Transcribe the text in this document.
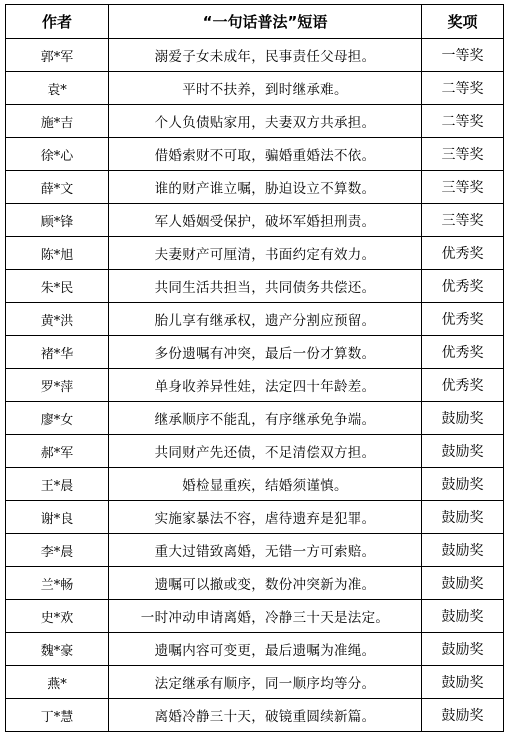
作者	“一句话普法”短语	奖项
郭*军	溺爱子女未成年，民事责任父母担。	一等奖
袁*	平时不扶养，到时继承难。	二等奖
施*吉	个人负债贴家用，夫妻双方共承担。	二等奖
徐*心	借婚索财不可取，骗婚重婚法不依。	三等奖
薛*文	谁的财产谁立嘱，胁迫设立不算数。	三等奖
顾*锋	军人婚姻受保护，破坏军婚担刑责。	三等奖
陈*旭	夫妻财产可厘清，书面约定有效力。	优秀奖
朱*民	共同生活共担当，共同债务共偿还。	优秀奖
黄*洪	胎儿享有继承权，遗产分割应预留。	优秀奖
褚*华	多份遗嘱有冲突，最后一份才算数。	优秀奖
罗*萍	单身收养异性娃，法定四十年龄差。	优秀奖
廖*女	继承顺序不能乱，有序继承免争端。	鼓励奖
郝*军	共同财产先还债，不足清偿双方担。	鼓励奖
王*晨	婚检显重疾，结婚须谨慎。	鼓励奖
谢*良	实施家暴法不容，虐待遗弃是犯罪。	鼓励奖
李*晨	重大过错致离婚，无错一方可索赔。	鼓励奖
兰*畅	遗嘱可以撤或变，数份冲突新为准。	鼓励奖
史*欢	一时冲动申请离婚，冷静三十天是法定。	鼓励奖
魏*豪	遗嘱内容可变更，最后遗嘱为准绳。	鼓励奖
燕*	法定继承有顺序，同一顺序均等分。	鼓励奖
丁*慧	离婚冷静三十天，破镜重圆续新篇。	鼓励奖
